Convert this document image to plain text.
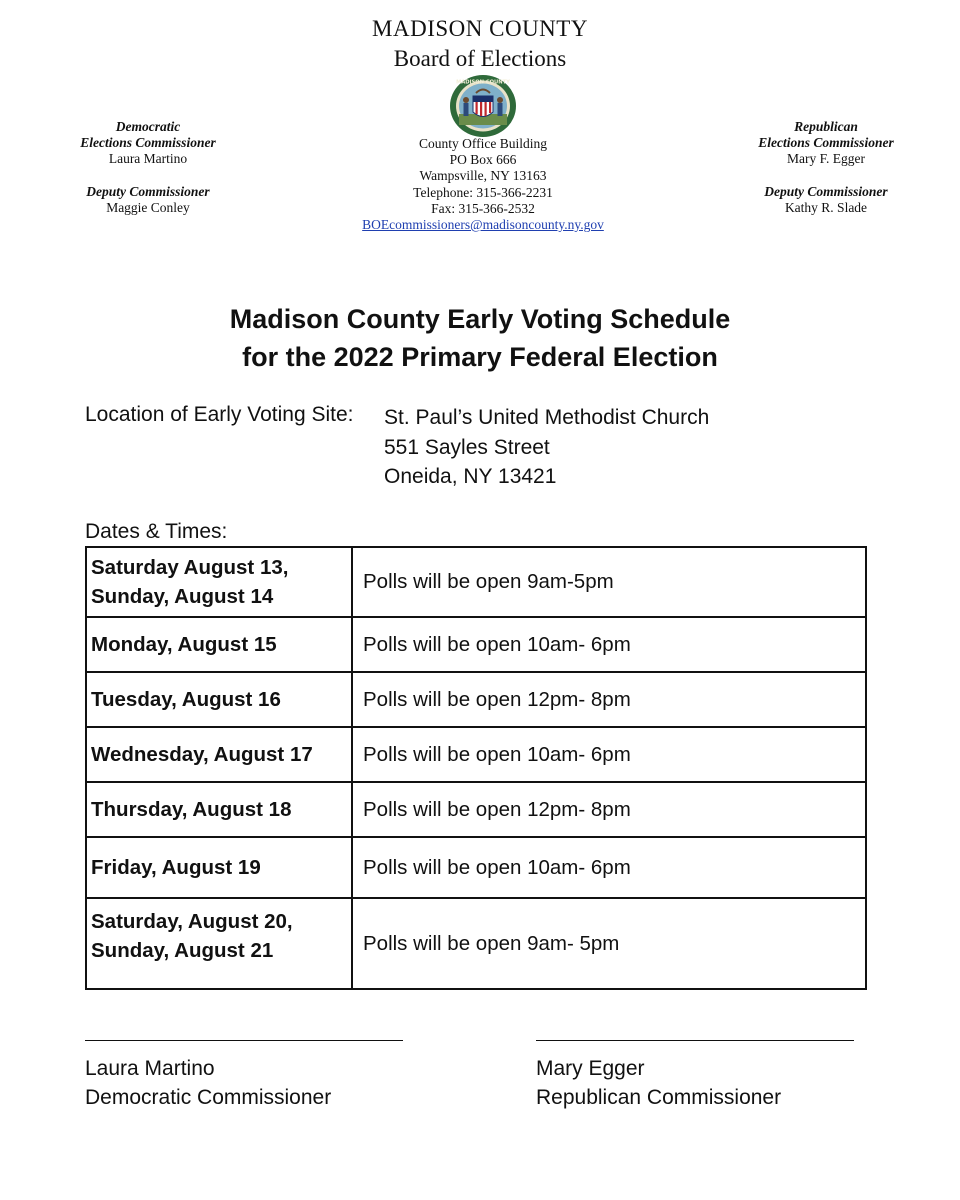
MADISON COUNTY
Board of Elections
MADISON COUNTY
Democratic
Elections Commissioner
Laura Martino
Deputy Commissioner
Maggie Conley
County Office Building
PO Box 666
Wampsville, NY 13163
Telephone: 315-366-2231
Fax: 315-366-2532
BOEcommissioners@madisoncounty.ny.gov
Republican
Elections Commissioner
Mary F. Egger
Deputy Commissioner
Kathy R. Slade
Madison County Early Voting Schedule
for the 2022 Primary Federal Election
Location of Early Voting Site: St. Paul’s United Methodist Church
551 Sayles Street
Oneida, NY 13421
Dates & Times:
Saturday August 13,
Sunday, August 14	Polls will be open 9am-5pm
Monday, August 15	Polls will be open 10am- 6pm
Tuesday, August 16	Polls will be open 12pm- 8pm
Wednesday, August 17	Polls will be open 10am- 6pm
Thursday, August 18	Polls will be open 12pm- 8pm
Friday, August 19	Polls will be open 10am- 6pm

Saturday, August 20,
Sunday, August 21	Polls will be open 9am- 5pm
Laura Martino
Democratic Commissioner
Mary Egger
Republican Commissioner
